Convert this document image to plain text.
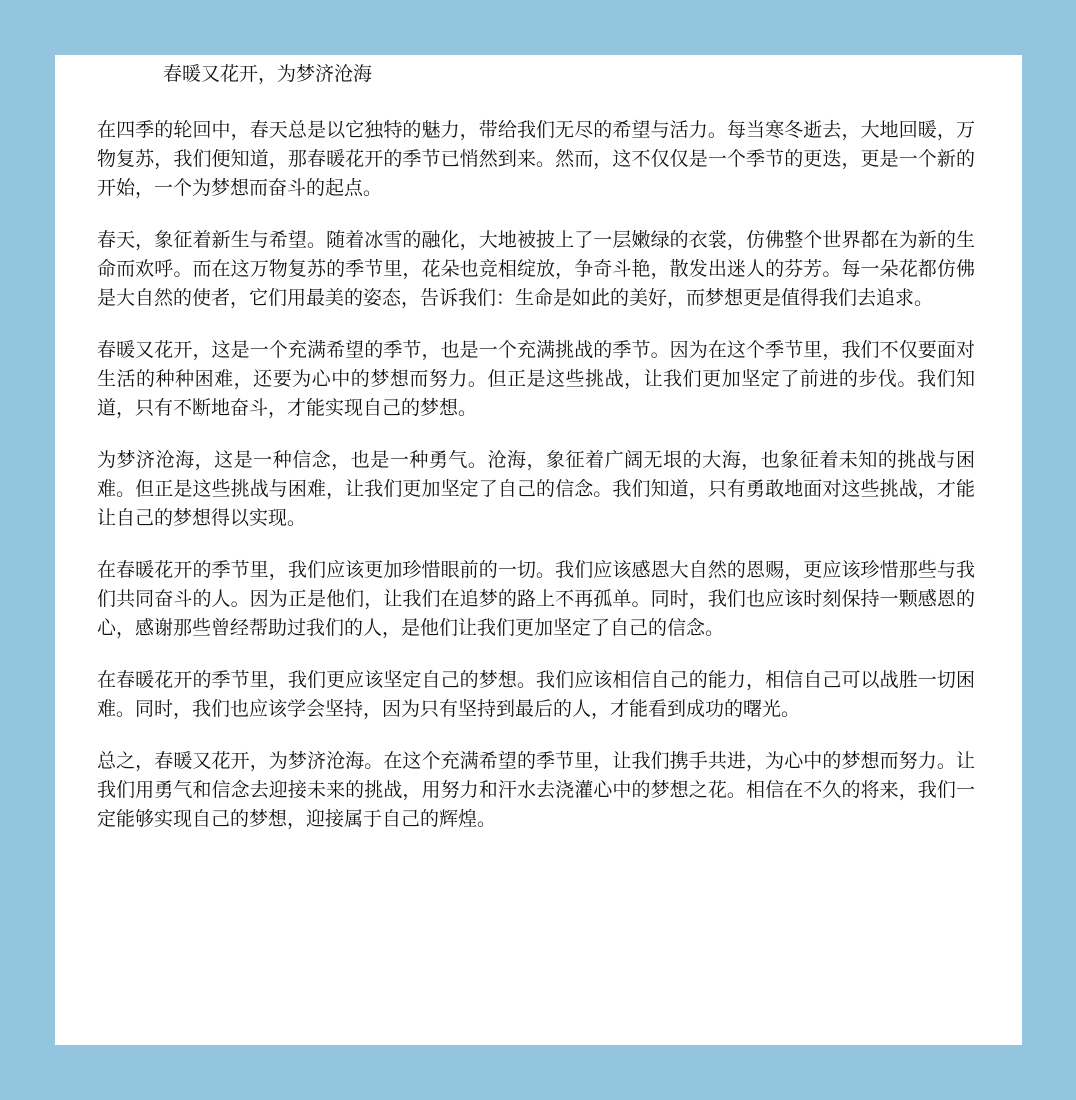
春暖又花开，为梦济沧海

在四季的轮回中，春天总是以它独特的魅力，带给我们无尽的希望与活力。每当寒冬逝去，大地回暖，万物复苏，我们便知道，那春暖花开的季节已悄然到来。然而，这不仅仅是一个季节的更迭，更是一个新的开始，一个为梦想而奋斗的起点。

春天，象征着新生与希望。随着冰雪的融化，大地被披上了一层嫩绿的衣裳，仿佛整个世界都在为新的生命而欢呼。而在这万物复苏的季节里，花朵也竞相绽放，争奇斗艳，散发出迷人的芬芳。每一朵花都仿佛是大自然的使者，它们用最美的姿态，告诉我们：生命是如此的美好，而梦想更是值得我们去追求。

春暖又花开，这是一个充满希望的季节，也是一个充满挑战的季节。因为在这个季节里，我们不仅要面对生活的种种困难，还要为心中的梦想而努力。但正是这些挑战，让我们更加坚定了前进的步伐。我们知道，只有不断地奋斗，才能实现自己的梦想。

为梦济沧海，这是一种信念，也是一种勇气。沧海，象征着广阔无垠的大海，也象征着未知的挑战与困难。但正是这些挑战与困难，让我们更加坚定了自己的信念。我们知道，只有勇敢地面对这些挑战，才能让自己的梦想得以实现。

在春暖花开的季节里，我们应该更加珍惜眼前的一切。我们应该感恩大自然的恩赐，更应该珍惜那些与我们共同奋斗的人。因为正是他们，让我们在追梦的路上不再孤单。同时，我们也应该时刻保持一颗感恩的心，感谢那些曾经帮助过我们的人，是他们让我们更加坚定了自己的信念。

在春暖花开的季节里，我们更应该坚定自己的梦想。我们应该相信自己的能力，相信自己可以战胜一切困难。同时，我们也应该学会坚持，因为只有坚持到最后的人，才能看到成功的曙光。

总之，春暖又花开，为梦济沧海。在这个充满希望的季节里，让我们携手共进，为心中的梦想而努力。让我们用勇气和信念去迎接未来的挑战，用努力和汗水去浇灌心中的梦想之花。相信在不久的将来，我们一定能够实现自己的梦想，迎接属于自己的辉煌。
